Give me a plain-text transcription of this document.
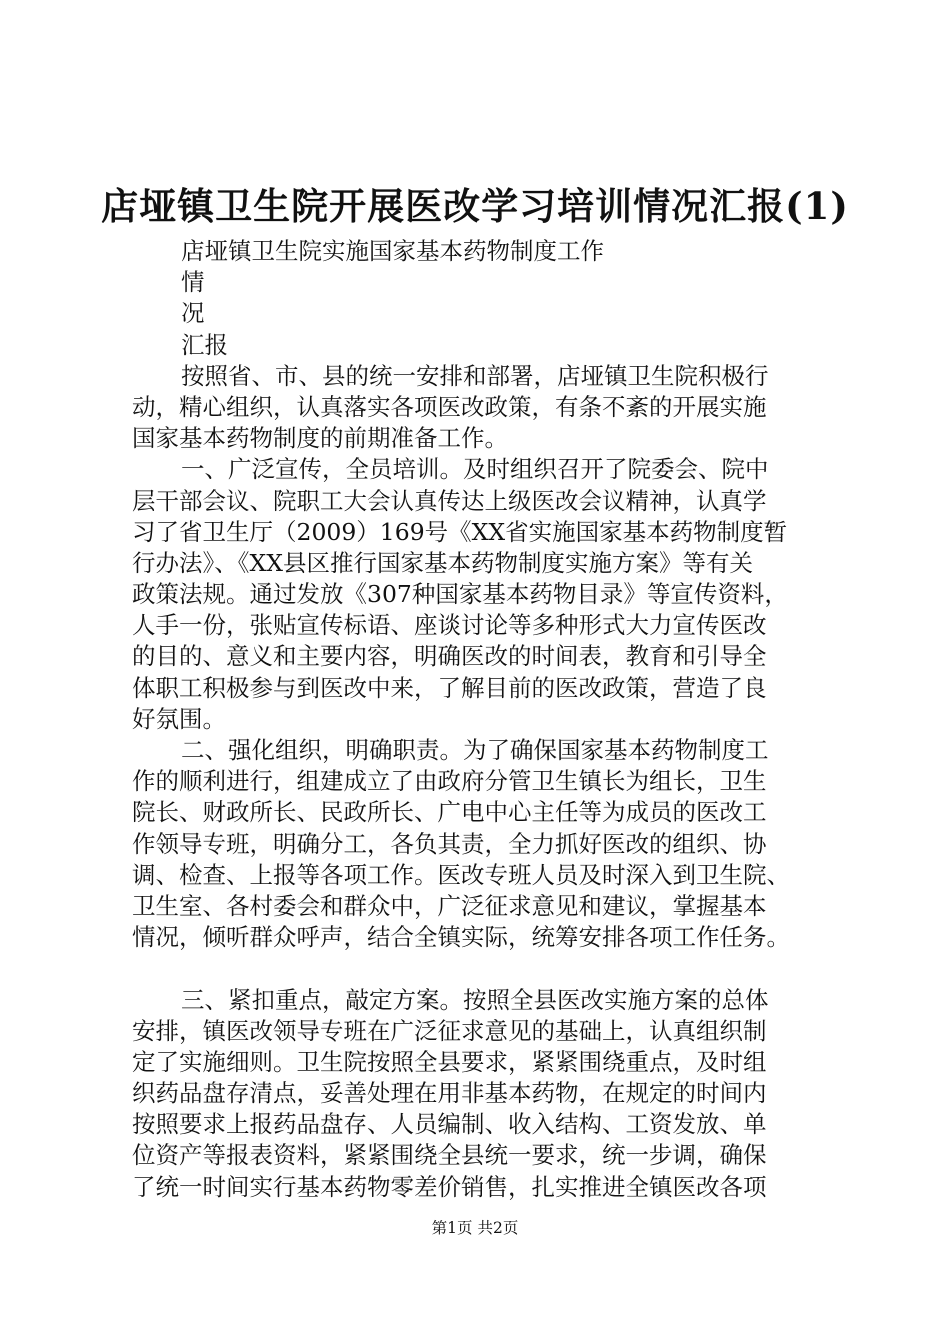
店垭镇卫生院开展医改学习培训情况汇报(1)
店垭镇卫生院实施国家基本药物制度工作
情
况
汇报
按照省、市、县的统一安排和部署，店垭镇卫生院积极行
动，精心组织，认真落实各项医改政策，有条不紊的开展实施
国家基本药物制度的前期准备工作。
一、广泛宣传，全员培训。及时组织召开了院委会、院中
层干部会议、院职工大会认真传达上级医改会议精神，认真学
习了省卫生厅（2009）169号《XX省实施国家基本药物制度暂
行办法》、《XX县区推行国家基本药物制度实施方案》等有关
政策法规。通过发放《307种国家基本药物目录》等宣传资料，
人手一份，张贴宣传标语、座谈讨论等多种形式大力宣传医改
的目的、意义和主要内容，明确医改的时间表，教育和引导全
体职工积极参与到医改中来，了解目前的医改政策，营造了良
好氛围。
二、强化组织，明确职责。为了确保国家基本药物制度工
作的顺利进行，组建成立了由政府分管卫生镇长为组长，卫生
院长、财政所长、民政所长、广电中心主任等为成员的医改工
作领导专班，明确分工，各负其责，全力抓好医改的组织、协
调、检查、上报等各项工作。医改专班人员及时深入到卫生院、
卫生室、各村委会和群众中，广泛征求意见和建议，掌握基本
情况，倾听群众呼声，结合全镇实际，统筹安排各项工作任务。
三、紧扣重点，敲定方案。按照全县医改实施方案的总体
安排，镇医改领导专班在广泛征求意见的基础上，认真组织制
定了实施细则。卫生院按照全县要求，紧紧围绕重点，及时组
织药品盘存清点，妥善处理在用非基本药物，在规定的时间内
按照要求上报药品盘存、人员编制、收入结构、工资发放、单
位资产等报表资料，紧紧围绕全县统一要求，统一步调，确保
了统一时间实行基本药物零差价销售，扎实推进全镇医改各项
第1页 共2页
